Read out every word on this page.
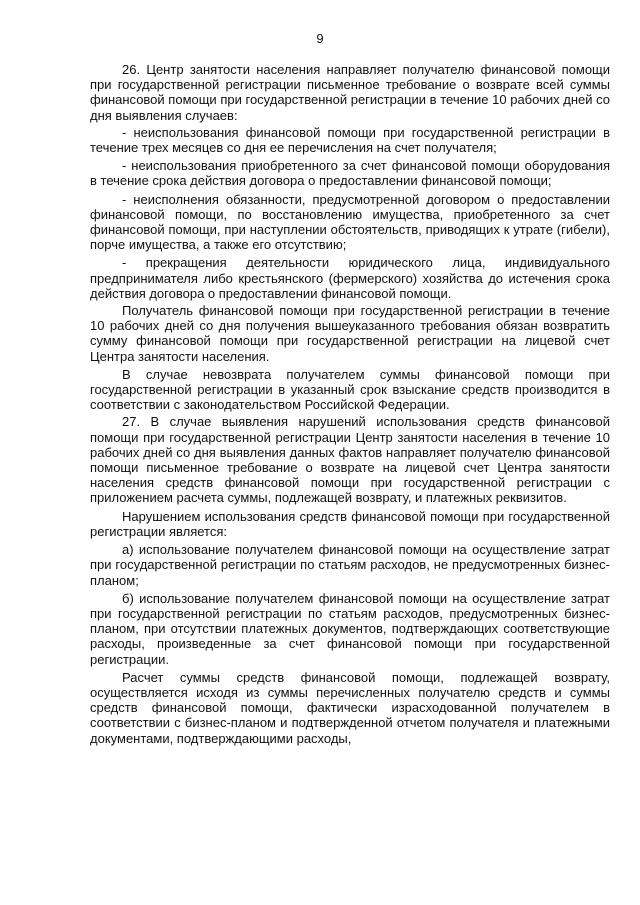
9

26. Центр занятости населения направляет получателю финансовой помощи при государственной регистрации письменное требование о возврате всей суммы финансовой помощи при государственной регистрации в течение 10 рабочих дней со дня выявления случаев:

- неиспользования финансовой помощи при государственной регистрации в течение трех месяцев со дня ее перечисления на счет получателя;

- неиспользования приобретенного за счет финансовой помощи оборудования в течение срока действия договора о предоставлении финансовой помощи;

- неисполнения обязанности, предусмотренной договором о предоставлении финансовой помощи, по восстановлению имущества, приобретенного за счет финансовой помощи, при наступлении обстоятельств, приводящих к утрате (гибели), порче имущества, а также его отсутствию;

- прекращения деятельности юридического лица, индивидуального предпринимателя либо крестьянского (фермерского) хозяйства до истечения срока действия договора о предоставлении финансовой помощи.

Получатель финансовой помощи при государственной регистрации в течение 10 рабочих дней со дня получения вышеуказанного требования обязан возвратить сумму финансовой помощи при государственной регистрации на лицевой счет Центра занятости населения.

В случае невозврата получателем суммы финансовой помощи при государственной регистрации в указанный срок взыскание средств производится в соответствии с законодательством Российской Федерации.

27. В случае выявления нарушений использования средств финансовой помощи при государственной регистрации Центр занятости населения в течение 10 рабочих дней со дня выявления данных фактов направляет получателю финансовой помощи письменное требование о возврате на лицевой счет Центра занятости населения средств финансовой помощи при государственной регистрации с приложением расчета суммы, подлежащей возврату, и платежных реквизитов.

Нарушением использования средств финансовой помощи при государственной регистрации является:

а) использование получателем финансовой помощи на осуществление затрат при государственной регистрации по статьям расходов, не предусмотренных бизнес-планом;

б) использование получателем финансовой помощи на осуществление затрат при государственной регистрации по статьям расходов, предусмотренных бизнес-планом, при отсутствии платежных документов, подтверждающих соответствующие расходы, произведенные за счет финансовой помощи при государственной регистрации.

Расчет суммы средств финансовой помощи, подлежащей возврату, осуществляется исходя из суммы перечисленных получателю средств и суммы средств финансовой помощи, фактически израсходованной получателем в соответствии с бизнес-планом и подтвержденной отчетом получателя и платежными документами, подтверждающими расходы,
